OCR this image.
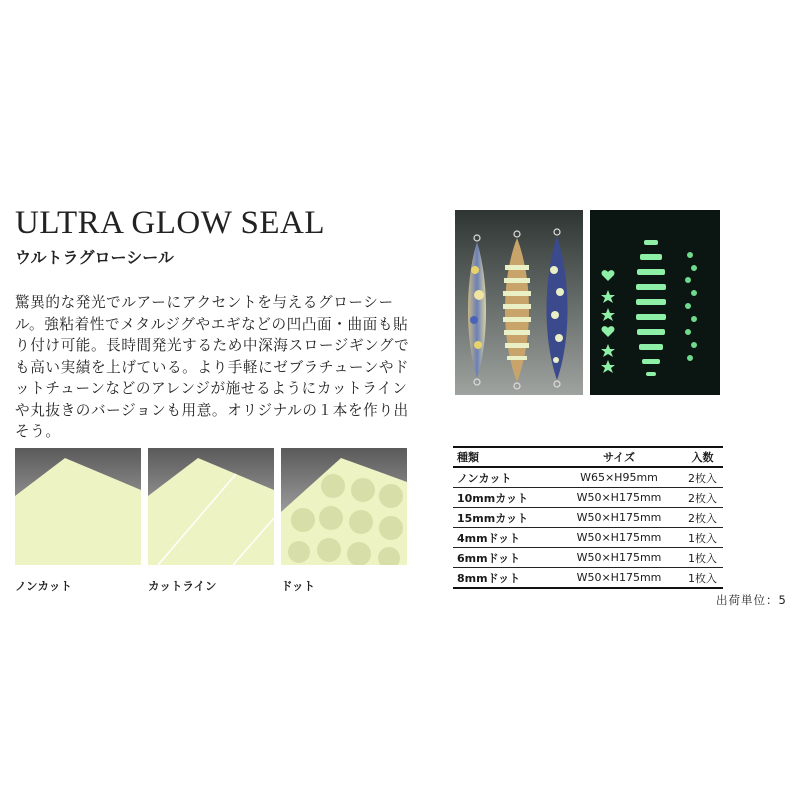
ULTRA GLOW SEAL
ウルトラグローシール

驚異的な発光でルアーにアクセントを与えるグローシール。強粘着性でメタルジグやエギなどの凹凸面・曲面も貼り付け可能。長時間発光するため中深海スロージギングでも高い実績を上げている。より手軽にゼブラチューンやドットチューンなどのアレンジが施せるようにカットラインや丸抜きのバージョンも用意。オリジナルの１本を作り出そう。

ノンカット	カットライン	ドット
種類	サイズ	入数
ノンカット	W65×H95mm	2枚入
10mmカット	W50×H175mm	2枚入
15mmカット	W50×H175mm	2枚入
4mmドット	W50×H175mm	1枚入
6mmドット	W50×H175mm	1枚入
8mmドット	W50×H175mm	1枚入
出荷単位：5
